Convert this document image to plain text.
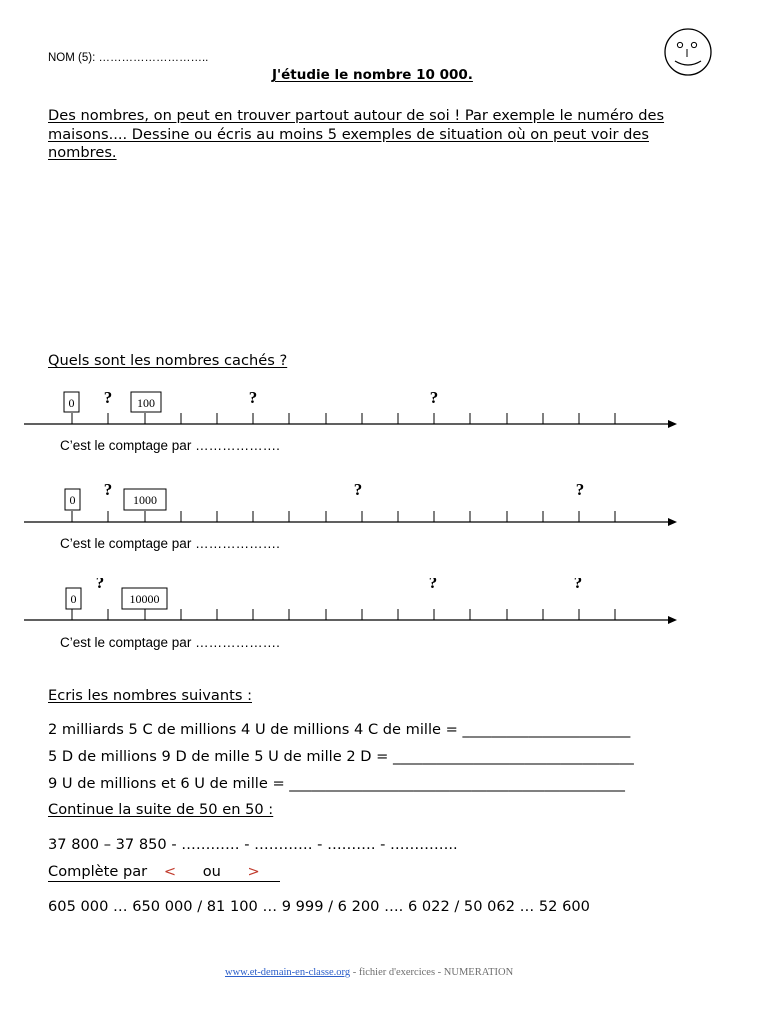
NOM (5): ………………………..
J'étudie le nombre 10 000.
Des nombres, on peut en trouver partout autour de soi ! Par exemple le numéro des
maisons.... Dessine ou écris au moins 5 exemples de situation où on peut voir des
nombres.
Quels sont les nombres cachés ?
0	100
?	?	?
C’est le comptage par ……………….
0	1000
?	?	?
C’est le comptage par ……………….
0	10000
?	?	?
C’est le comptage par ……………….
Ecris les nombres suivants :
2 milliards 5 C de millions 4 U de millions 4 C de mille = _______________________
5 D de millions 9 D de mille 5 U de mille 2 D = _________________________________
9 U de millions et 6 U de mille = ______________________________________________
Continue la suite de 50 en 50 :
37 800 – 37 850 - ………… - ………… - ………. - …………..
Complète par < ou >
605 000 … 650 000 / 81 100 … 9 999 / 6 200 …. 6 022 / 50 062 … 52 600
www.et-demain-en-classe.org - fichier d'exercices - NUMERATION
